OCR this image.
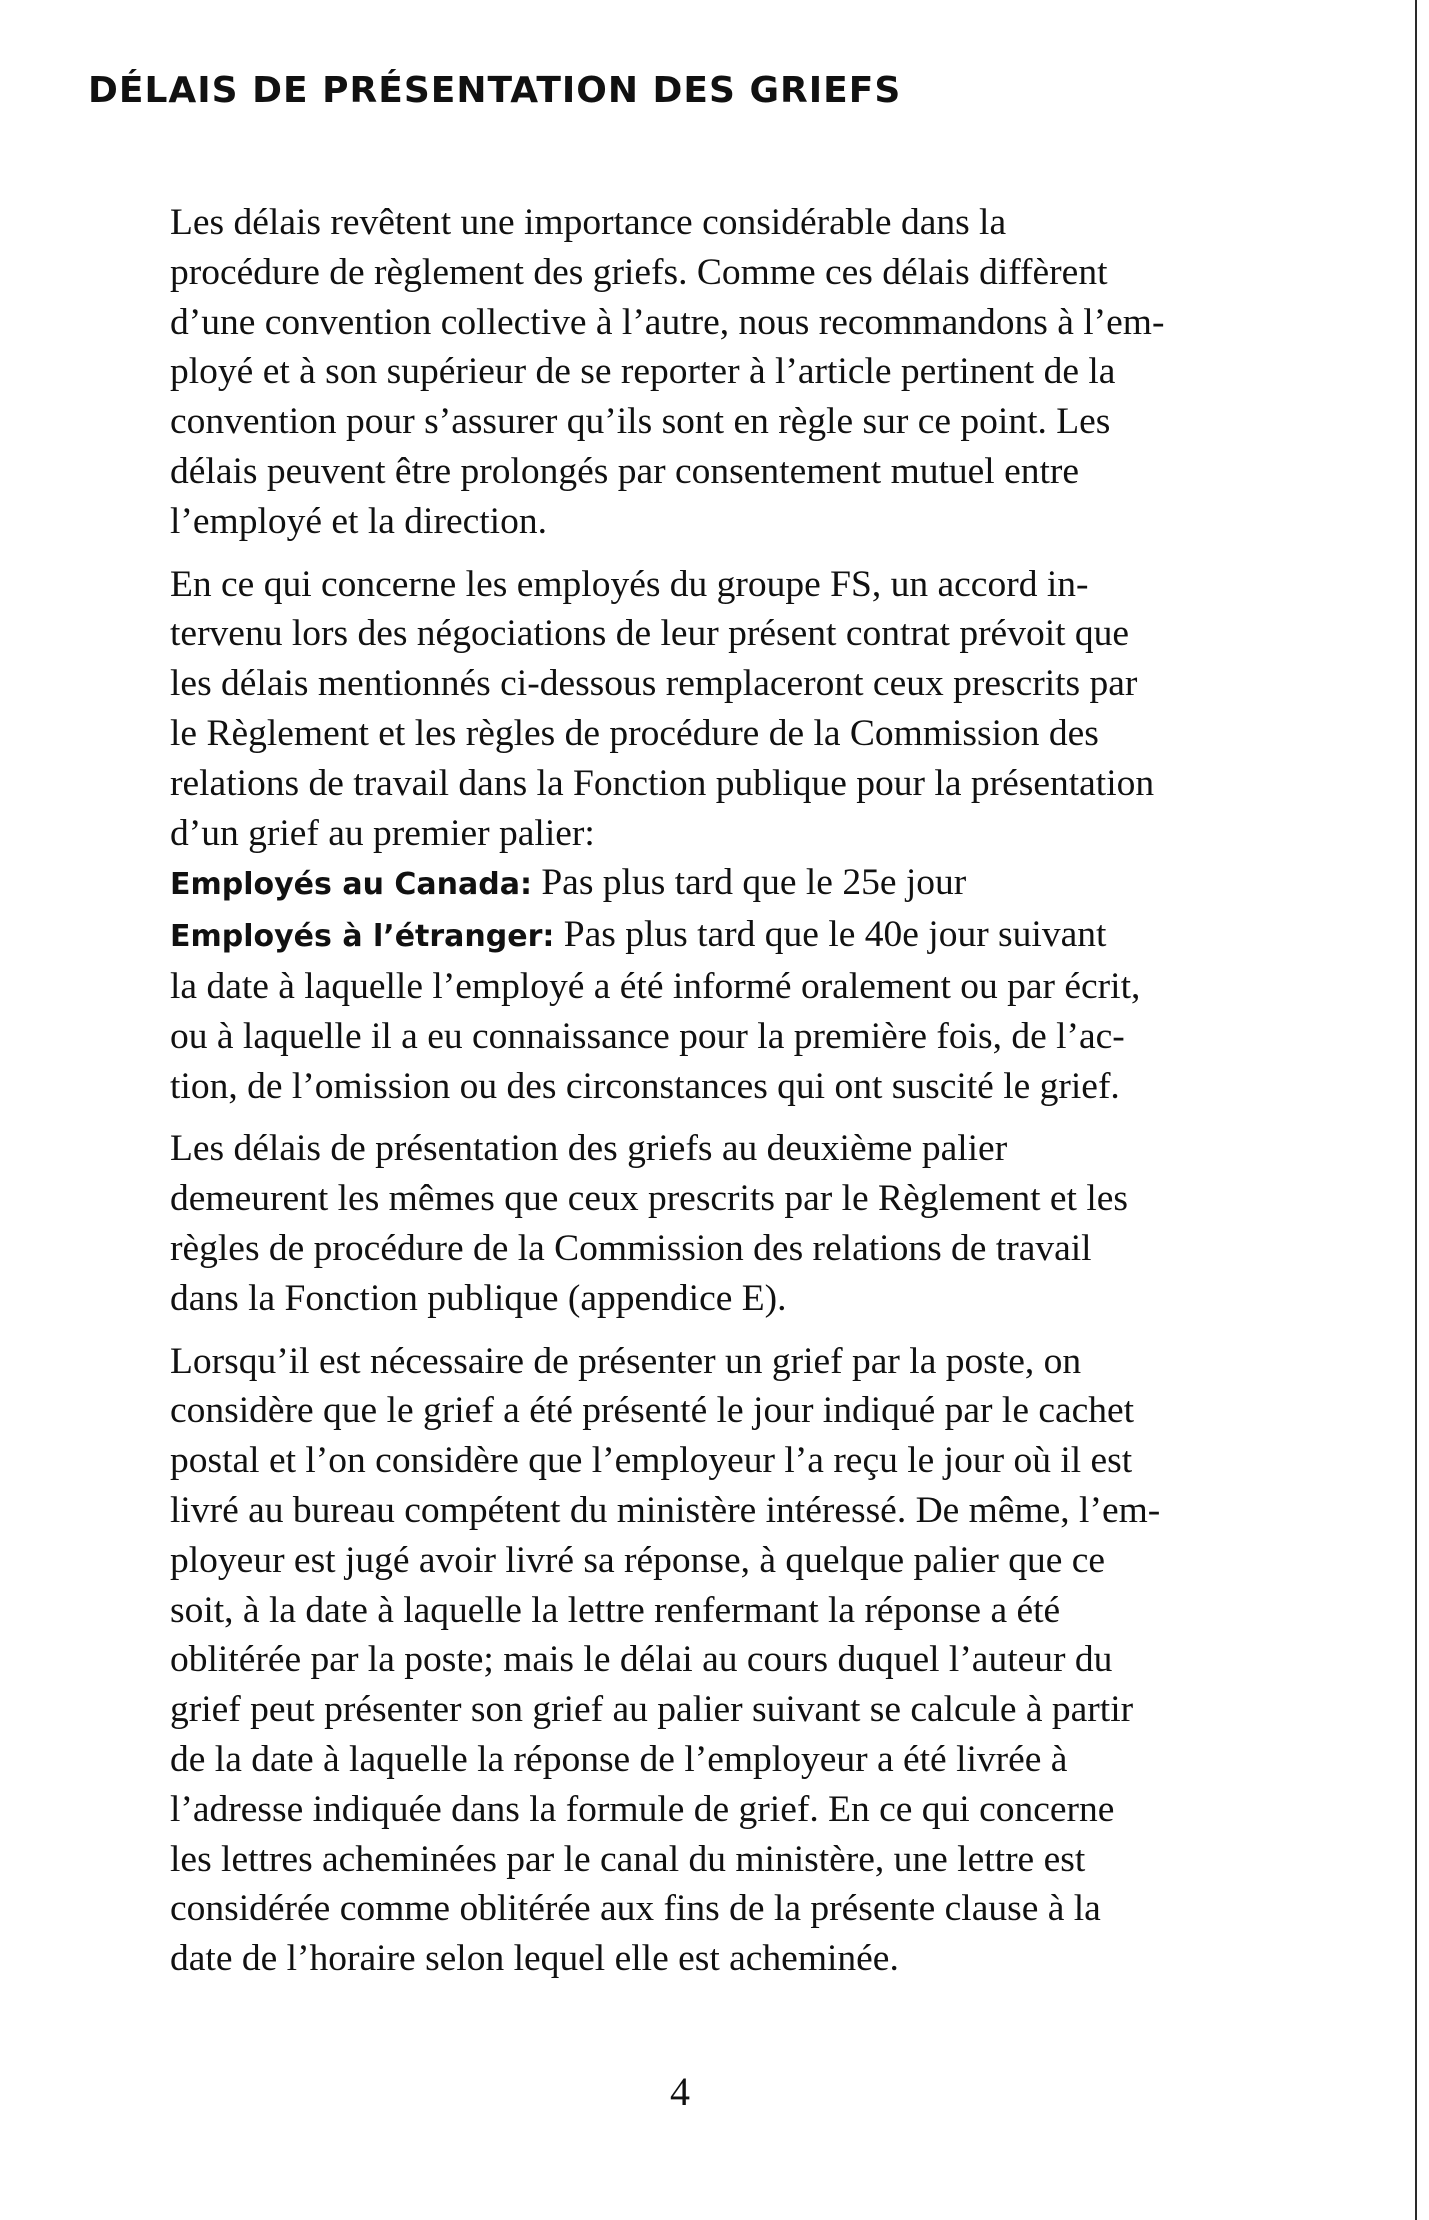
DÉLAIS DE PRÉSENTATION DES GRIEFS

Les délais revêtent une importance considérable dans la
procédure de règlement des griefs. Comme ces délais diffèrent
d’une convention collective à l’autre, nous recommandons à l’em-
ployé et à son supérieur de se reporter à l’article pertinent de la
convention pour s’assurer qu’ils sont en règle sur ce point. Les
délais peuvent être prolongés par consentement mutuel entre
l’employé et la direction.

En ce qui concerne les employés du groupe FS, un accord in-
tervenu lors des négociations de leur présent contrat prévoit que
les délais mentionnés ci-dessous remplaceront ceux prescrits par
le Règlement et les règles de procédure de la Commission des
relations de travail dans la Fonction publique pour la présentation
d’un grief au premier palier:
Employés au Canada: Pas plus tard que le 25e jour
Employés à l’étranger: Pas plus tard que le 40e jour suivant
la date à laquelle l’employé a été informé oralement ou par écrit,
ou à laquelle il a eu connaissance pour la première fois, de l’ac-
tion, de l’omission ou des circonstances qui ont suscité le grief.

Les délais de présentation des griefs au deuxième palier
demeurent les mêmes que ceux prescrits par le Règlement et les
règles de procédure de la Commission des relations de travail
dans la Fonction publique (appendice E).

Lorsqu’il est nécessaire de présenter un grief par la poste, on
considère que le grief a été présenté le jour indiqué par le cachet
postal et l’on considère que l’employeur l’a reçu le jour où il est
livré au bureau compétent du ministère intéressé. De même, l’em-
ployeur est jugé avoir livré sa réponse, à quelque palier que ce
soit, à la date à laquelle la lettre renfermant la réponse a été
oblitérée par la poste; mais le délai au cours duquel l’auteur du
grief peut présenter son grief au palier suivant se calcule à partir
de la date à laquelle la réponse de l’employeur a été livrée à
l’adresse indiquée dans la formule de grief. En ce qui concerne
les lettres acheminées par le canal du ministère, une lettre est
considérée comme oblitérée aux fins de la présente clause à la
date de l’horaire selon lequel elle est acheminée.

4
